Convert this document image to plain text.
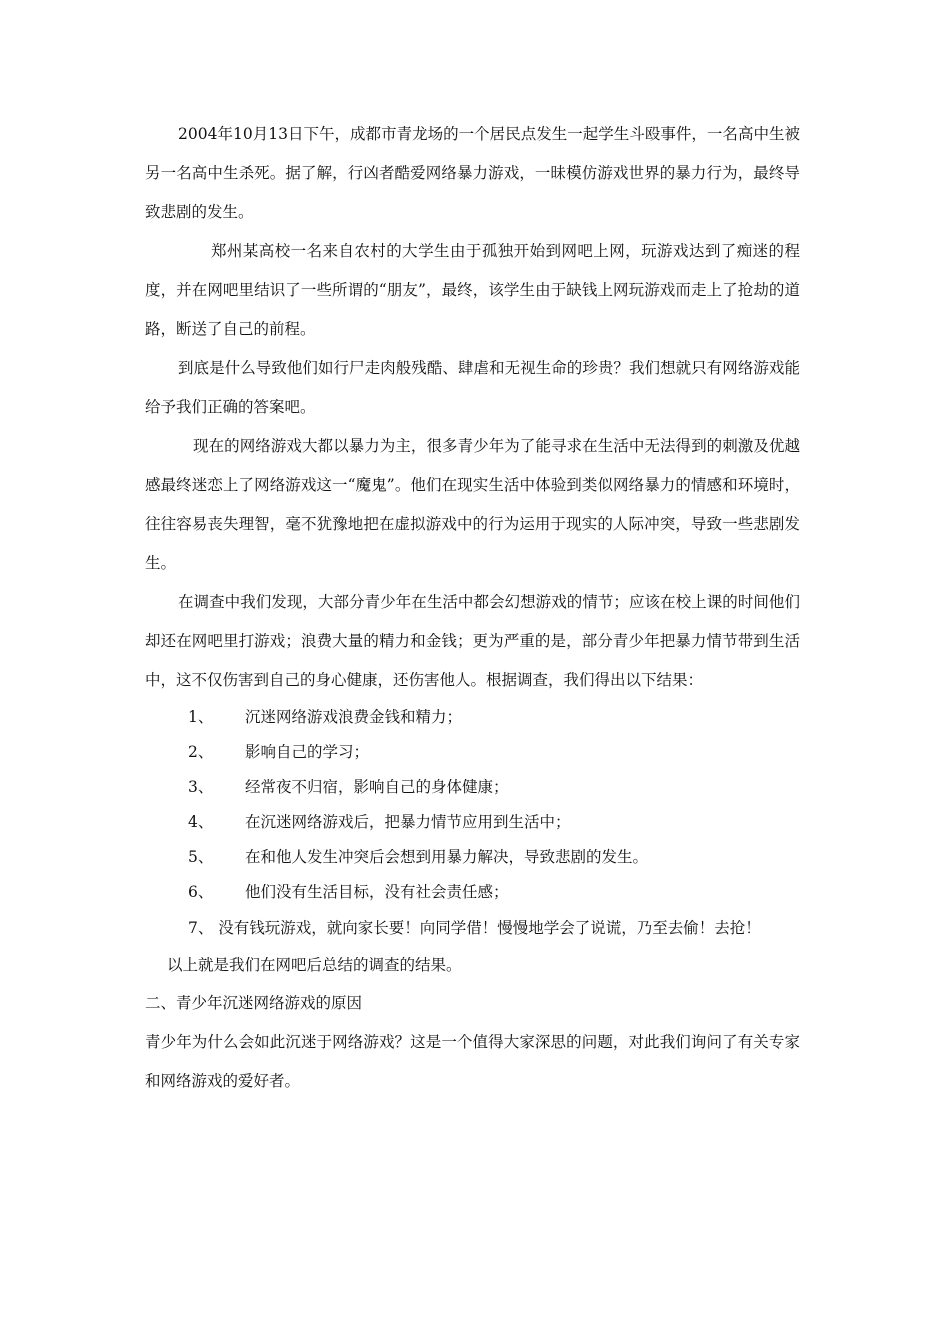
2004年10月13日下午，成都市青龙场的一个居民点发生一起学生斗殴事件，一名高中生被另一名高中生杀死。据了解，行凶者酷爱网络暴力游戏，一昧模仿游戏世界的暴力行为，最终导致悲剧的发生。

郑州某高校一名来自农村的大学生由于孤独开始到网吧上网，玩游戏达到了痴迷的程度，并在网吧里结识了一些所谓的“朋友”，最终，该学生由于缺钱上网玩游戏而走上了抢劫的道路，断送了自己的前程。

到底是什么导致他们如行尸走肉般残酷、肆虐和无视生命的珍贵？我们想就只有网络游戏能给予我们正确的答案吧。

现在的网络游戏大都以暴力为主，很多青少年为了能寻求在生活中无法得到的刺激及优越感最终迷恋上了网络游戏这一“魔鬼”。他们在现实生活中体验到类似网络暴力的情感和环境时，往往容易丧失理智，毫不犹豫地把在虚拟游戏中的行为运用于现实的人际冲突，导致一些悲剧发生。

在调查中我们发现，大部分青少年在生活中都会幻想游戏的情节；应该在校上课的时间他们却还在网吧里打游戏；浪费大量的精力和金钱；更为严重的是，部分青少年把暴力情节带到生活中，这不仅伤害到自己的身心健康，还伤害他人。根据调查，我们得出以下结果：

1、	沉迷网络游戏浪费金钱和精力；
2、	影响自己的学习；
3、	经常夜不归宿，影响自己的身体健康；
4、	在沉迷网络游戏后，把暴力情节应用到生活中；
5、	在和他人发生冲突后会想到用暴力解决，导致悲剧的发生。
6、	他们没有生活目标，没有社会责任感；

7、 没有钱玩游戏，就向家长要！向同学借！慢慢地学会了说谎，乃至去偷！去抢！

以上就是我们在网吧后总结的调查的结果。

二、青少年沉迷网络游戏的原因

青少年为什么会如此沉迷于网络游戏？这是一个值得大家深思的问题，对此我们询问了有关专家和网络游戏的爱好者。
